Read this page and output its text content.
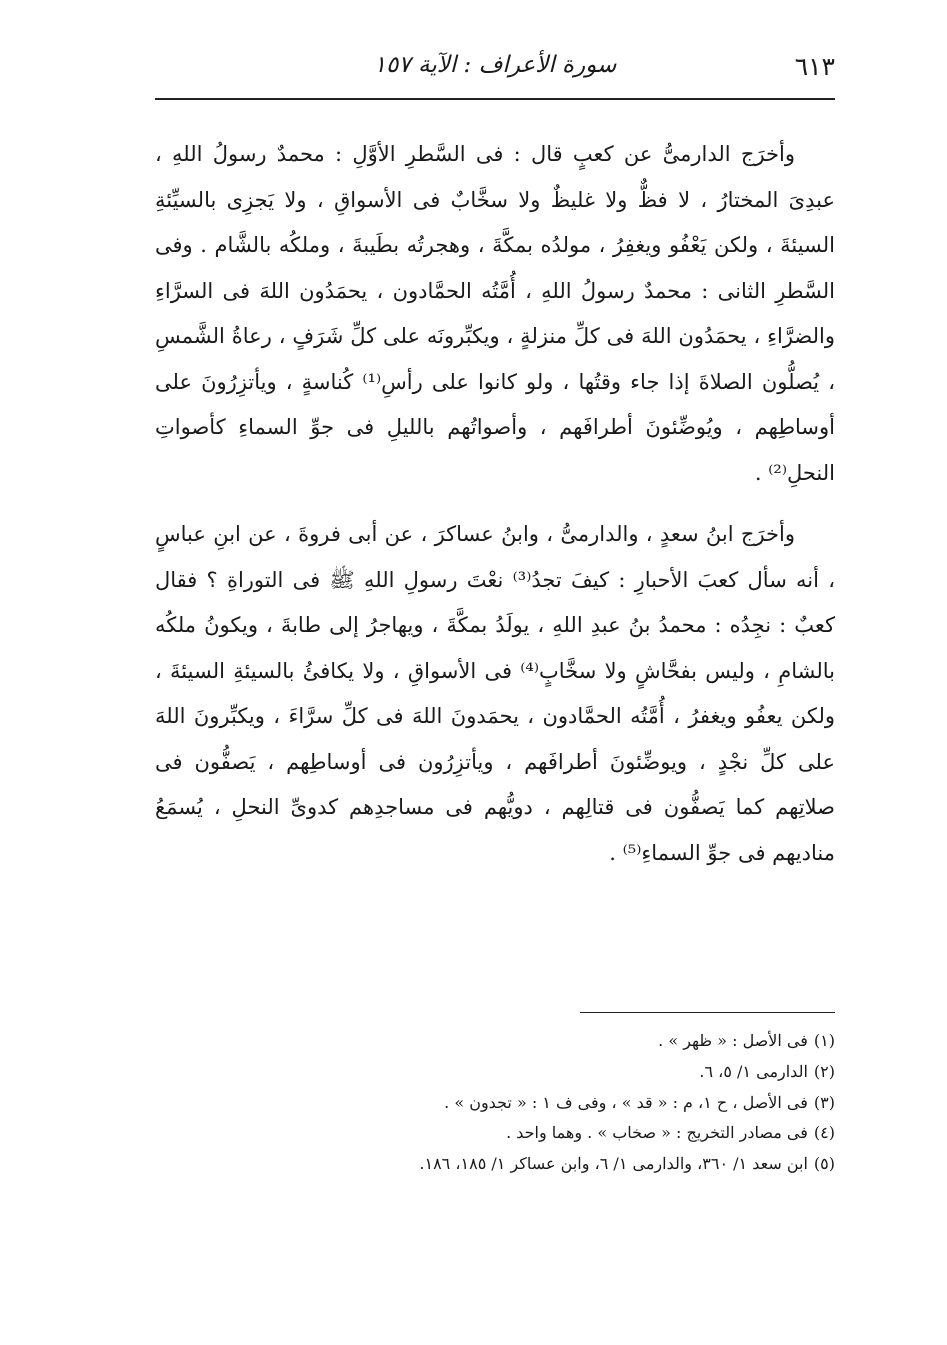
٦١٣
سورة الأعراف : الآية ١٥٧

وأخرَج الدارمىُّ عن كعبٍ قال : فى السَّطرِ الأوَّلِ : محمدٌ رسولُ اللهِ ، عبدِىَ المختارُ ، لا فظٌّ ولا غليظٌ ولا سخَّابٌ فى الأسواقِ ، ولا يَجزِى بالسيِّئةِ السيئةَ ، ولكن يَعْفُو ويغفِرُ ، مولدُه بمكَّةَ ، وهجرتُه بطَيبةَ ، وملكُه بالشَّام . وفى السَّطرِ الثانى : محمدٌ رسولُ اللهِ ، أُمَّتُه الحمَّادون ، يحمَدُون اللهَ فى السرَّاءِ والضرَّاءِ ، يحمَدُون اللهَ فى كلِّ منزلةٍ ، ويكبِّرونَه على كلِّ شَرَفٍ ، رعاةُ الشَّمسِ ، يُصلُّون الصلاةَ إذا جاء وقتُها ، ولو كانوا على رأسِ⁽¹⁾ كُناسةٍ ، ويأتزِرُونَ على أوساطِهم ، ويُوضِّئونَ أطرافَهم ، وأصواتُهم بالليلِ فى جوِّ السماءِ كأصواتِ النحلِ⁽²⁾ .

وأخرَج ابنُ سعدٍ ، والدارمىُّ ، وابنُ عساكرَ ، عن أبى فروةَ ، عن ابنِ عباسٍ ، أنه سأل كعبَ الأحبارِ : كيفَ تجدُ⁽³⁾ نعْتَ رسولِ اللهِ ﷺ فى التوراةِ ؟ فقال كعبٌ : نجِدُه : محمدُ بنُ عبدِ اللهِ ، يولَدُ بمكَّةَ ، ويهاجرُ إلى طابةَ ، ويكونُ ملكُه بالشامِ ، وليس بفحَّاشٍ ولا سخَّابٍ⁽⁴⁾ فى الأسواقِ ، ولا يكافئُ بالسيئةِ السيئةَ ، ولكن يعفُو ويغفرُ ، أُمَّتُه الحمَّادون ، يحمَدونَ اللهَ فى كلِّ سرَّاءَ ، ويكبِّرونَ اللهَ على كلِّ نجْدٍ ، ويوضِّئونَ أطرافَهم ، ويأتزِرُون فى أوساطِهم ، يَصفُّون فى صلاتِهم كما يَصفُّون فى قتالِهم ، دويُّهم فى مساجدِهم كدوىِّ النحلِ ، يُسمَعُ مناديهم فى جوِّ السماءِ⁽⁵⁾ .

(١)فى الأصل : « ظهر » .

(٢)الدارمى ١/ ٥، ٦.

(٣)فى الأصل ، ح ١، م : « قد » ، وفى ف ١ : « تجدون » .

(٤)فى مصادر التخريج : « صخاب » . وهما واحد .

(٥)ابن سعد ١/ ٣٦٠، والدارمى ١/ ٦، وابن عساكر ١/ ١٨٥، ١٨٦.
